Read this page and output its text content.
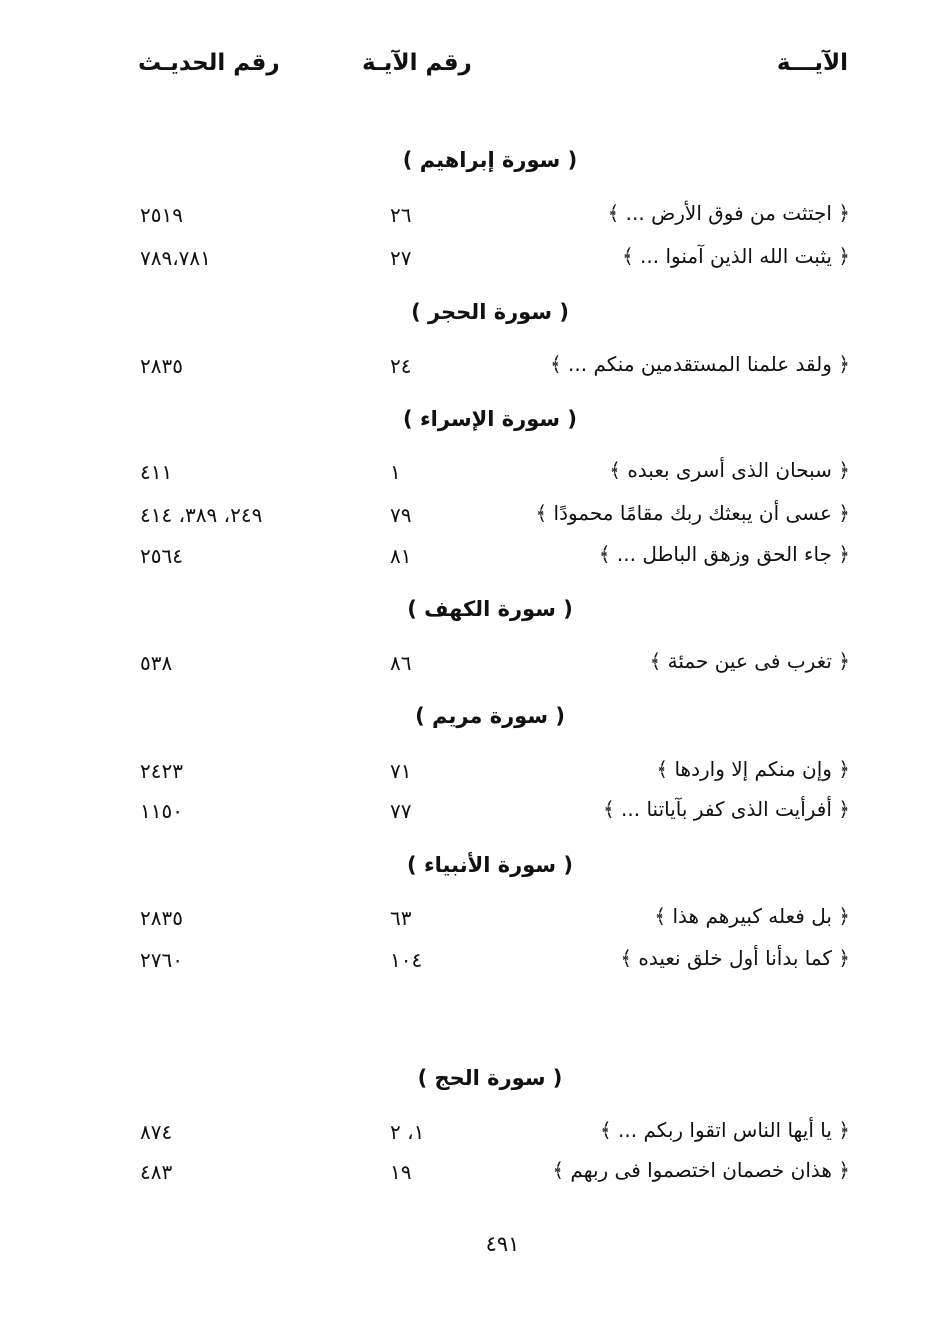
الآيـــة
رقم الآيـة
رقم الحديـث
( سورة إبراهيم )
﴿ اجتثت من فوق الأرض ... ﴾
٢٦
٢٥١٩
﴿ يثبت الله الذين آمنوا ... ﴾
٢٧
٧٨٩،٧٨١
( سورة الحجر )
﴿ ولقد علمنا المستقدمين منكم ... ﴾
٢٤
٢٨٣٥
( سورة الإسراء )
﴿ سبحان الذى أسرى بعبده ﴾
١
٤١١
﴿ عسى أن يبعثك ربك مقامًا محمودًا ﴾
٧٩
٢٤٩، ٣٨٩، ٤١٤
﴿ جاء الحق وزهق الباطل ... ﴾
٨١
٢٥٦٤
( سورة الكهف )
﴿ تغرب فى عين حمئة ﴾
٨٦
٥٣٨
( سورة مريم )
﴿ وإن منكم إلا واردها ﴾
٧١
٢٤٢٣
﴿ أفرأيت الذى كفر بآياتنا ... ﴾
٧٧
١١٥٠
( سورة الأنبياء )
﴿ بل فعله كبيرهم هذا ﴾
٦٣
٢٨٣٥
﴿ كما بدأنا أول خلق نعيده ﴾
١٠٤
٢٧٦٠
( سورة الحج )
﴿ يا أيها الناس اتقوا ربكم ... ﴾
١، ٢
٨٧٤
﴿ هذان خصمان اختصموا فى ربهم ﴾
١٩
٤٨٣
٤٩١
